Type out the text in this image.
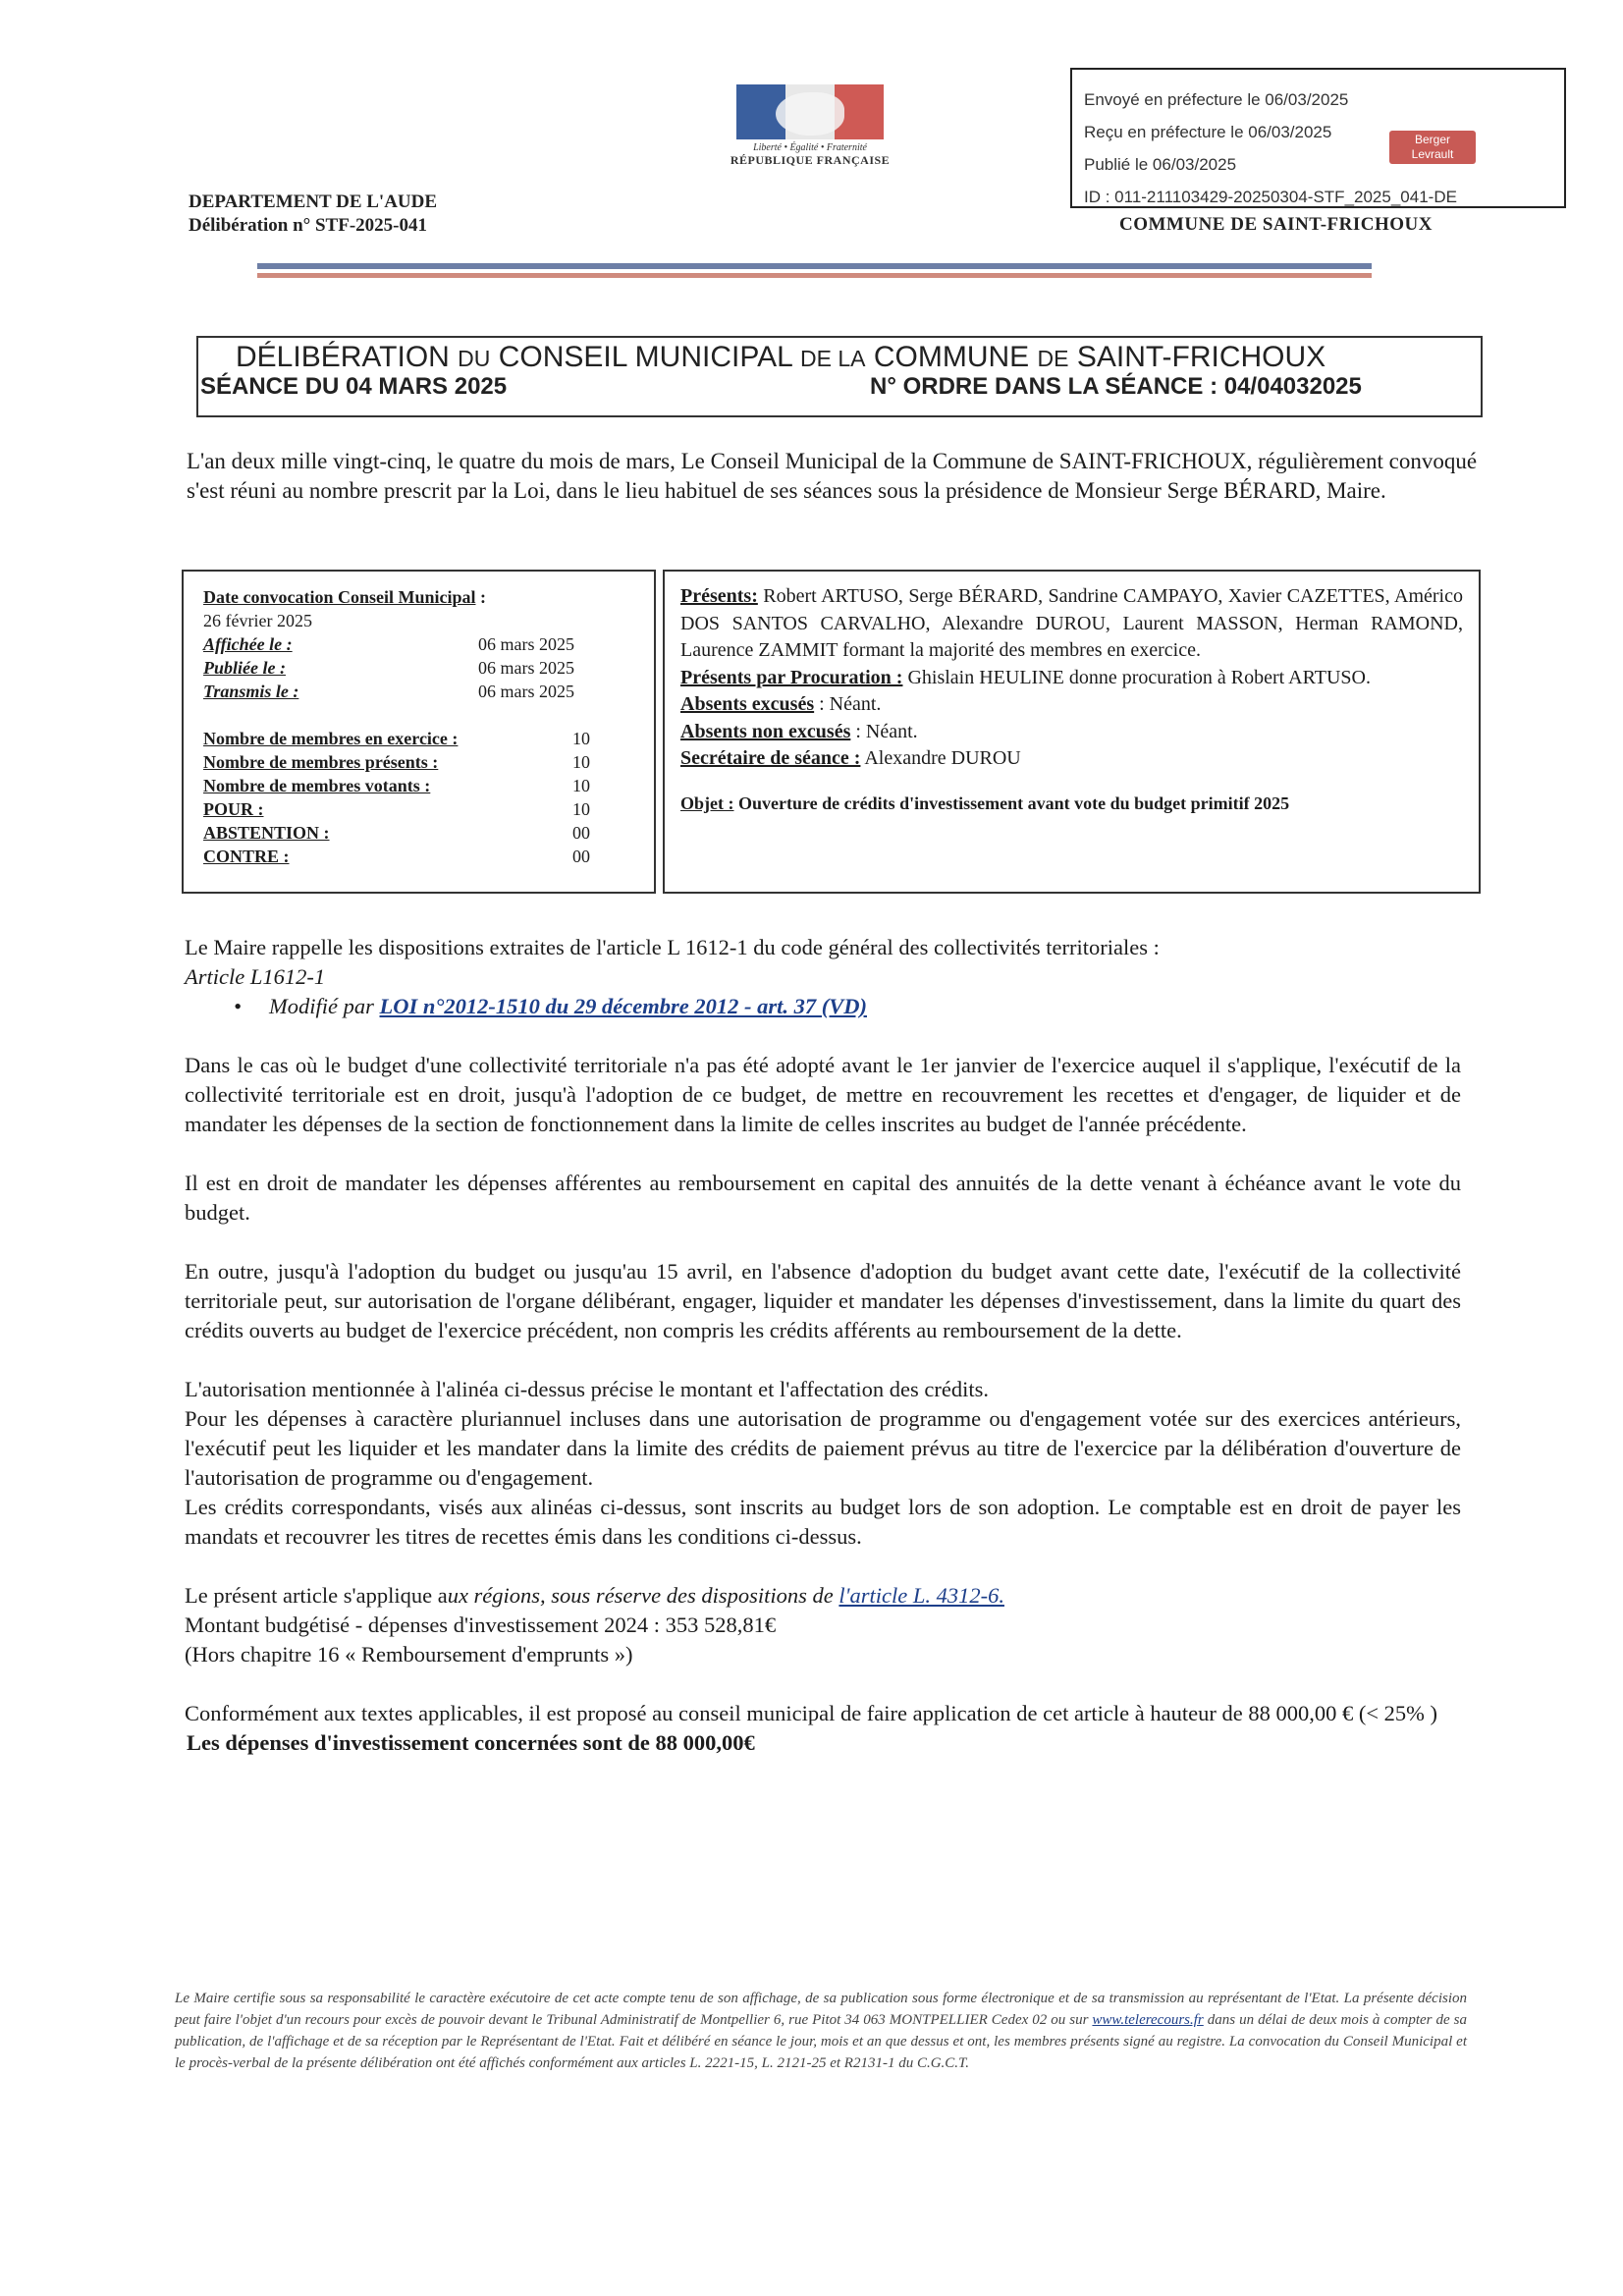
Liberté • Égalité • Fraternité
RÉPUBLIQUE FRANÇAISE
DEPARTEMENT DE L'AUDE
Délibération n° STF-2025-041
Envoyé en préfecture le 06/03/2025
Reçu en préfecture le 06/03/2025
Publié le 06/03/2025
ID : 011-211103429-20250304-STF_2025_041-DE
Berger
Levrault
COMMUNE DE SAINT-FRICHOUX
DÉLIBÉRATION DU CONSEIL MUNICIPAL DE LA COMMUNE DE SAINT-FRICHOUX
SÉANCE DU 04 MARS 2025	N° ORDRE DANS LA SÉANCE : 04/04032025
L'an deux mille vingt-cinq, le quatre du mois de mars, Le Conseil Municipal de la Commune de SAINT-FRICHOUX, régulièrement convoqué s'est réuni au nombre prescrit par la Loi, dans le lieu habituel de ses séances sous la présidence de Monsieur Serge BÉRARD, Maire.
Date convocation Conseil Municipal :
26 février 2025
Affichée le :	06 mars 2025
Publiée le :	06 mars 2025
Transmis le :	06 mars 2025
Nombre de membres en exercice :	10
Nombre de membres présents :	10
Nombre de membres votants :	10
POUR :	10
ABSTENTION :	00
CONTRE :	00
Présents: Robert ARTUSO, Serge BÉRARD, Sandrine CAMPAYO, Xavier CAZETTES, Américo DOS SANTOS CARVALHO, Alexandre DUROU, Laurent MASSON, Herman RAMOND, Laurence ZAMMIT formant la majorité des membres en exercice.
Présents par Procuration : Ghislain HEULINE donne procuration à Robert ARTUSO.
Absents excusés : Néant.
Absents non excusés : Néant.
Secrétaire de séance : Alexandre DUROU
Objet : Ouverture de crédits d'investissement avant vote du budget primitif 2025

Le Maire rappelle les dispositions extraites de l'article L 1612-1 du code général des collectivités territoriales :

Article L1612-1

•     Modifié par LOI n°2012-1510 du 29 décembre 2012 - art. 37 (VD)

Dans le cas où le budget d'une collectivité territoriale n'a pas été adopté avant le 1er janvier de l'exercice auquel il s'applique, l'exécutif de la collectivité territoriale est en droit, jusqu'à l'adoption de ce budget, de mettre en recouvrement les recettes et d'engager, de liquider et de mandater les dépenses de la section de fonctionnement dans la limite de celles inscrites au budget de l'année précédente.

Il est en droit de mandater les dépenses afférentes au remboursement en capital des annuités de la dette venant à échéance avant le vote du budget.

En outre, jusqu'à l'adoption du budget ou jusqu'au 15 avril, en l'absence d'adoption du budget avant cette date, l'exécutif de la collectivité territoriale peut, sur autorisation de l'organe délibérant, engager, liquider et mandater les dépenses d'investissement, dans la limite du quart des crédits ouverts au budget de l'exercice précédent, non compris les crédits afférents au remboursement de la dette.

L'autorisation mentionnée à l'alinéa ci-dessus précise le montant et l'affectation des crédits.

Pour les dépenses à caractère pluriannuel incluses dans une autorisation de programme ou d'engagement votée sur des exercices antérieurs, l'exécutif peut les liquider et les mandater dans la limite des crédits de paiement prévus au titre de l'exercice par la délibération d'ouverture de l'autorisation de programme ou d'engagement.

Les crédits correspondants, visés aux alinéas ci-dessus, sont inscrits au budget lors de son adoption. Le comptable est en droit de payer les mandats et recouvrer les titres de recettes émis dans les conditions ci-dessus.

Le présent article s'applique aux régions, sous réserve des dispositions de l'article L. 4312-6.

Montant budgétisé - dépenses d'investissement 2024 : 353 528,81€

(Hors chapitre 16 « Remboursement d'emprunts »)

Conformément aux textes applicables, il est proposé au conseil municipal de faire application de cet article à hauteur de 88 000,00 € (< 25% )

Les dépenses d'investissement concernées sont de 88 000,00€

Le Maire certifie sous sa responsabilité le caractère exécutoire de cet acte compte tenu de son affichage, de sa publication sous forme électronique et de sa transmission au représentant de l'Etat. La présente décision peut faire l'objet d'un recours pour excès de pouvoir devant le Tribunal Administratif de Montpellier 6, rue Pitot 34 063 MONTPELLIER Cedex 02 ou sur www.telerecours.fr dans un délai de deux mois à compter de sa publication, de l'affichage et de sa réception par le Représentant de l'Etat. Fait et délibéré en séance le jour, mois et an que dessus et ont, les membres présents signé au registre. La convocation du Conseil Municipal et le procès-verbal de la présente délibération ont été affichés conformément aux articles L. 2221-15, L. 2121-25 et R2131-1 du C.G.C.T.
